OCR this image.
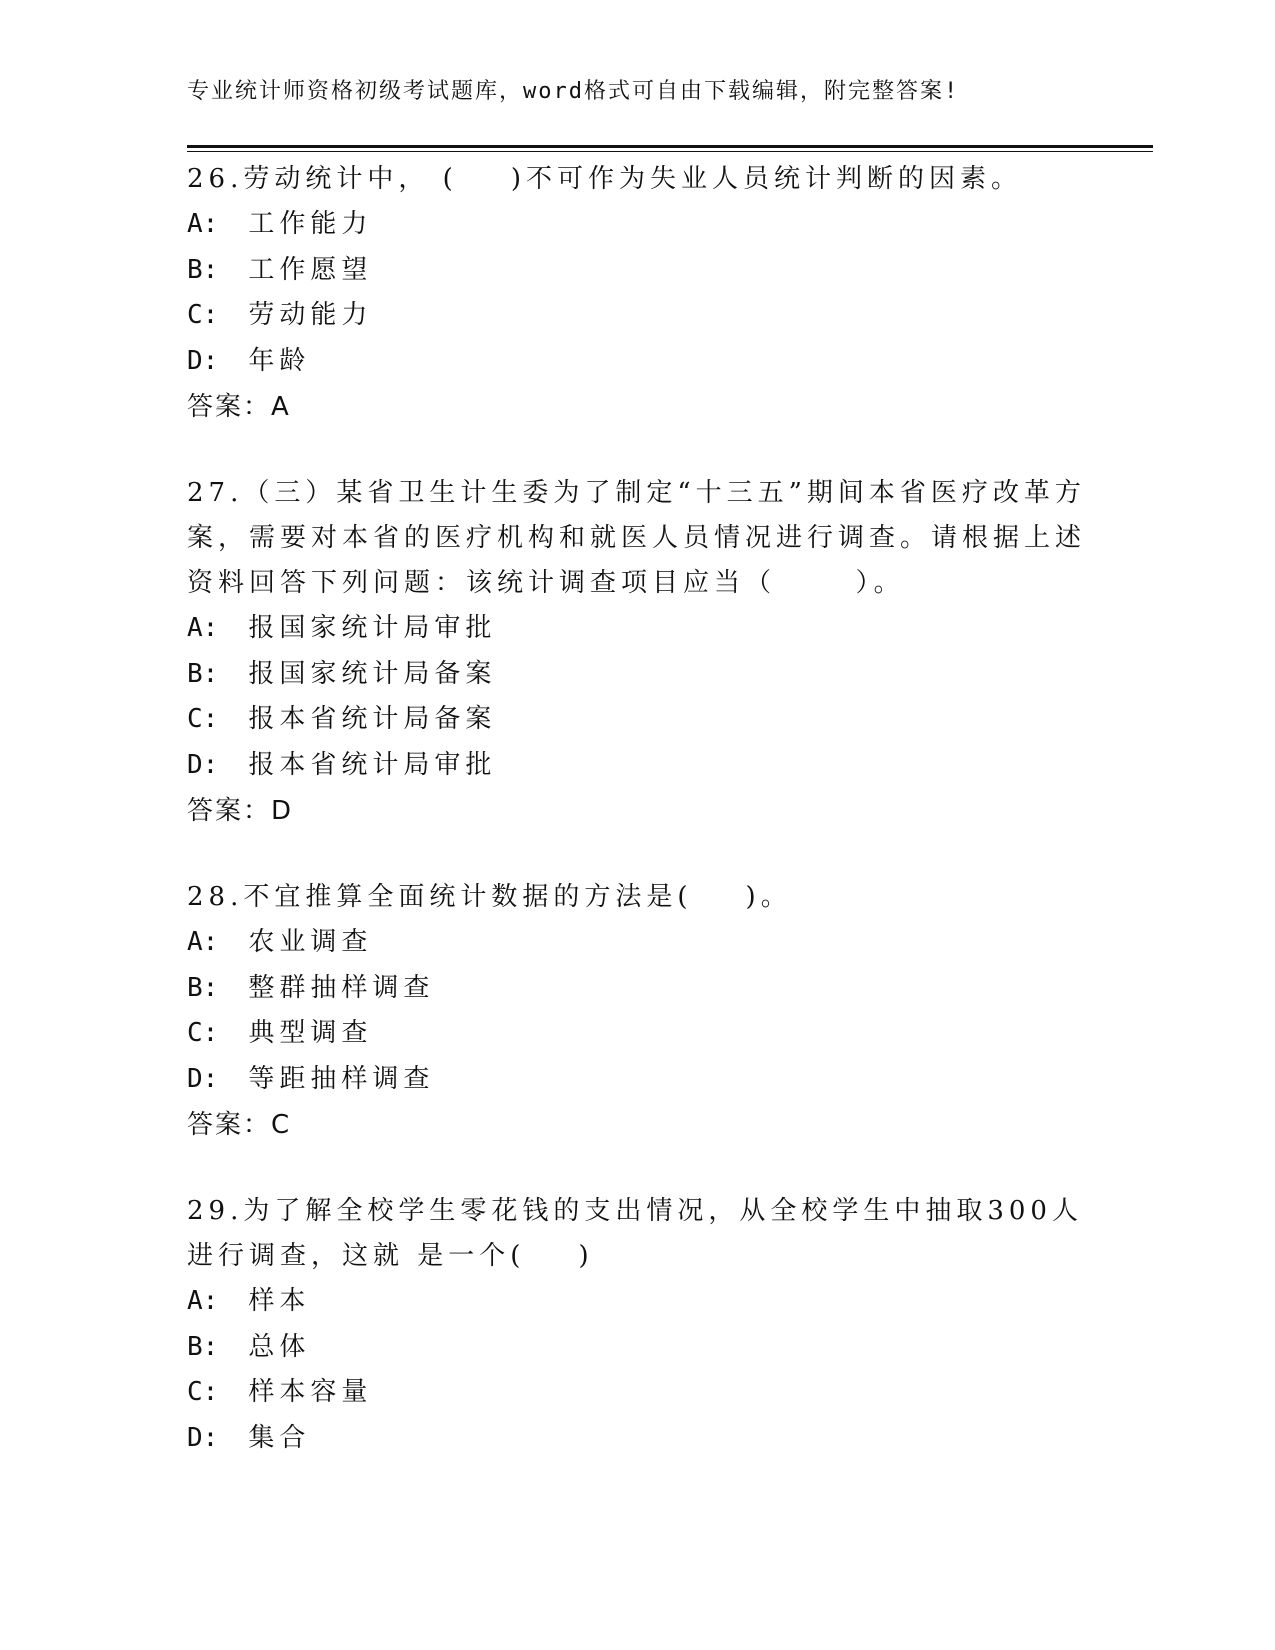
专业统计师资格初级考试题库，word格式可自由下载编辑，附完整答案!

26.劳动统计中， (    )不可作为失业人员统计判断的因素。

A: 工作能力

B: 工作愿望

C: 劳动能力

D: 年龄

答案：A

27.（三）某省卫生计生委为了制定“十三五”期间本省医疗改革方案，需要对本省的医疗机构和就医人员情况进行调查。请根据上述资料回答下列问题：该统计调查项目应当（      ）。

A: 报国家统计局审批

B: 报国家统计局备案

C: 报本省统计局备案

D: 报本省统计局审批

答案：D

28.不宜推算全面统计数据的方法是(    )。

A: 农业调查

B: 整群抽样调查

C: 典型调查

D: 等距抽样调查

答案：C

29.为了解全校学生零花钱的支出情况，从全校学生中抽取300人进行调查，这就 是一个(    )

A: 样本

B: 总体

C: 样本容量

D: 集合
